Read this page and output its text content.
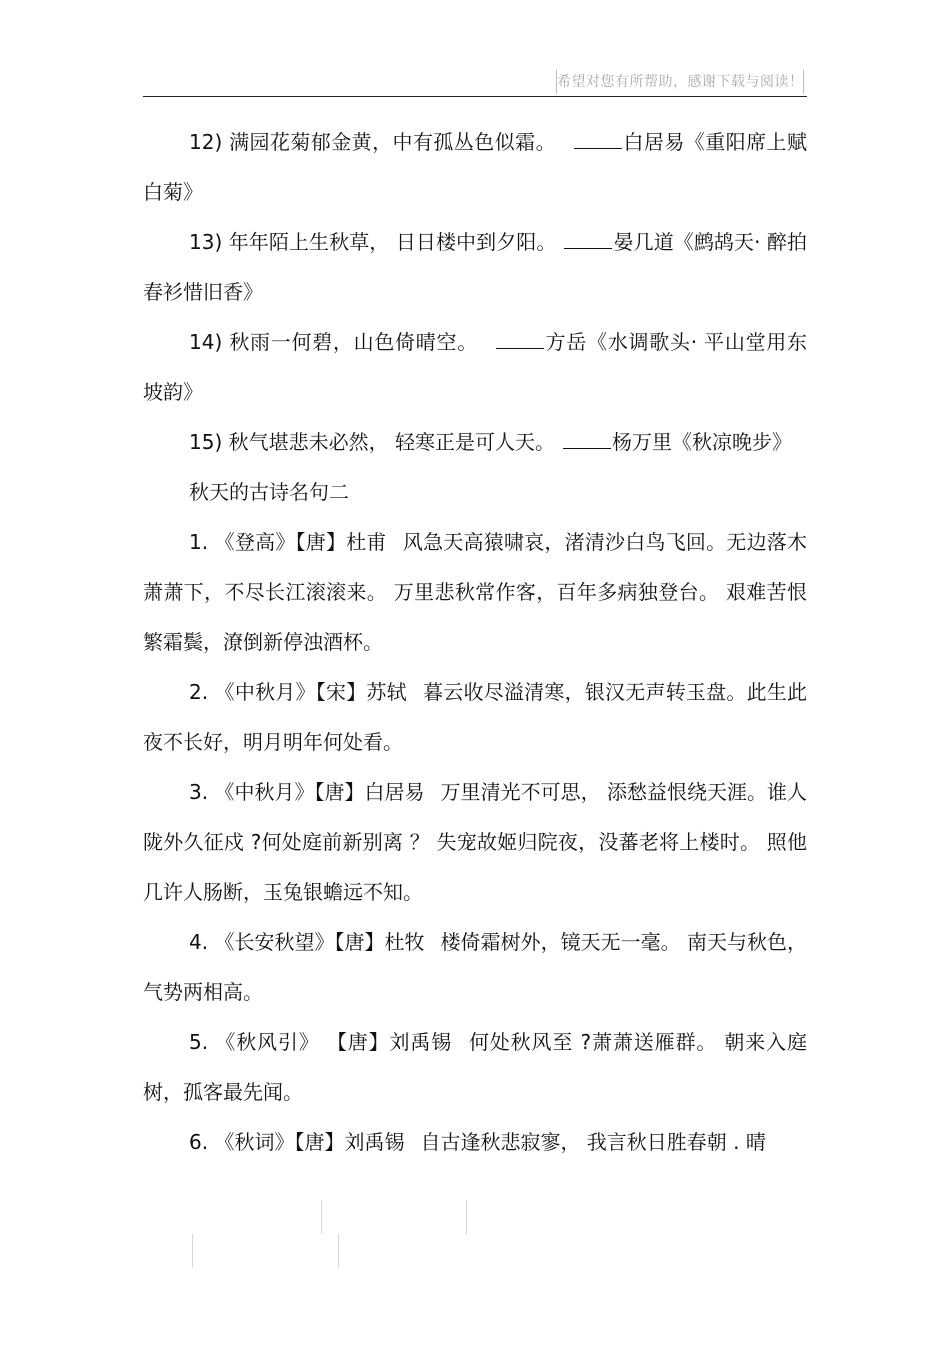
希望对您有所帮助，感谢下载与阅读！

12) 满园花菊郁金黄，中有孤丛色似霜。	白居易《重阳席上赋白菊》

13) 年年陌上生秋草， 日日楼中到夕阳。	晏几道《鹧鸪天· 醉拍春衫惜旧香》

14) 秋雨一何碧，山色倚晴空。	方岳《水调歌头· 平山堂用东坡韵》

15) 秋气堪悲未必然， 轻寒正是可人天。	杨万里《秋凉晚步》

秋天的古诗名句二

1. 《登高》【唐】杜甫 风急天高猿啸哀，渚清沙白鸟飞回。无边落木萧萧下，不尽长江滚滚来。 万里悲秋常作客，百年多病独登台。 艰难苦恨繁霜鬓，潦倒新停浊酒杯。

2. 《中秋月》【宋】苏轼 暮云收尽溢清寒，银汉无声转玉盘。此生此夜不长好，明月明年何处看。

3. 《中秋月》【唐】白居易 万里清光不可思， 添愁益恨绕天涯。谁人陇外久征戍 ?何处庭前新别离 ？ 失宠故姬归院夜，没蕃老将上楼时。 照他几许人肠断，玉兔银蟾远不知。

4. 《长安秋望》【唐】杜牧 楼倚霜树外，镜天无一毫。 南天与秋色，气势两相高。

5. 《秋风引》 【唐】刘禹锡 何处秋风至 ?萧萧送雁群。 朝来入庭树，孤客最先闻。

6. 《秋词》【唐】刘禹锡 自古逢秋悲寂寥， 我言秋日胜春朝 . 晴
